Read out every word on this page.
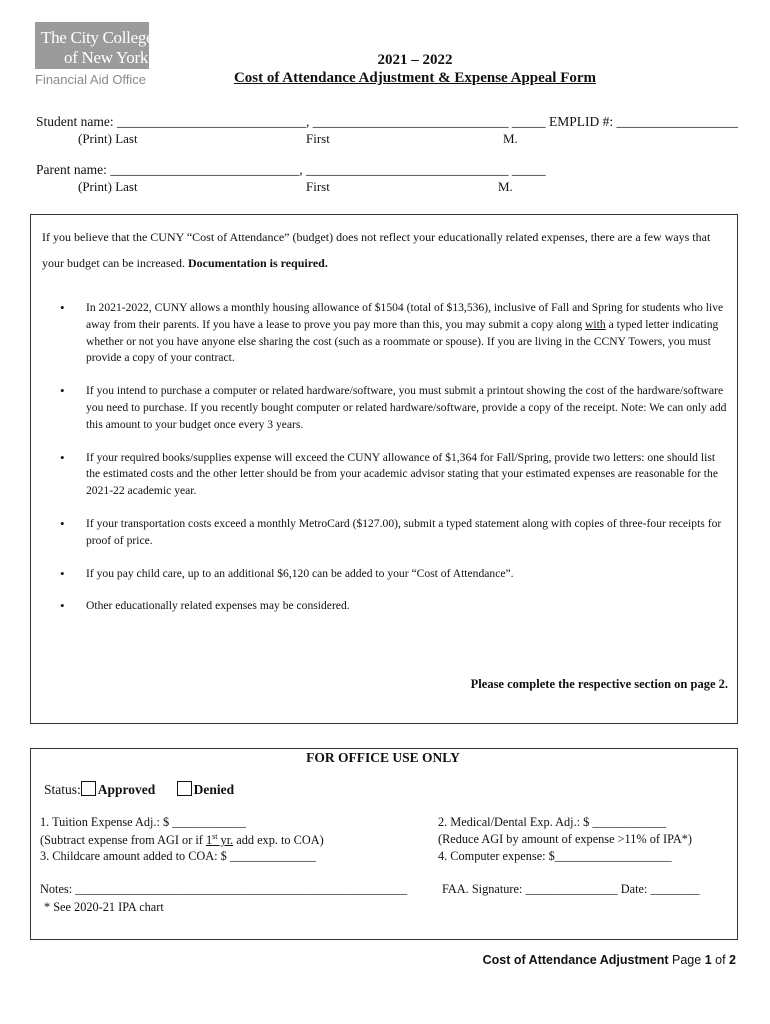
The City College
of New York
Financial Aid Office
2021 – 2022
Cost of Attendance Adjustment & Expense Appeal Form
Student name: ____________________________, _____________________________ _____ EMPLID #: __________________
(Print) Last	First	M.
Parent name: ____________________________, ______________________________ _____
(Print) Last	First	M.
If you believe that the CUNY “Cost of Attendance” (budget) does not reflect your educationally related expenses, there are a few ways that your budget can be increased. Documentation is required.
• In 2021-2022, CUNY allows a monthly housing allowance of $1504 (total of $13,536), inclusive of Fall and Spring for students who live away from their parents. If you have a lease to prove you pay more than this, you may submit a copy along with a typed letter indicating whether or not you have anyone else sharing the cost (such as a roommate or spouse). If you are living in the CCNY Towers, you must provide a copy of your contract.
• If you intend to purchase a computer or related hardware/software, you must submit a printout showing the cost of the hardware/software you need to purchase. If you recently bought computer or related hardware/software, provide a copy of the receipt. Note: We can only add this amount to your budget once every 3 years.
• If your required books/supplies expense will exceed the CUNY allowance of $1,364 for Fall/Spring, provide two letters: one should list the estimated costs and the other letter should be from your academic advisor stating that your estimated expenses are reasonable for the 2021-22 academic year.
• If your transportation costs exceed a monthly MetroCard ($127.00), submit a typed statement along with copies of three-four receipts for proof of price.
• If you pay child care, up to an additional $6,120 can be added to your “Cost of Attendance”.
• Other educationally related expenses may be considered.
Please complete the respective section on page 2.
FOR OFFICE USE ONLY
Status: Approved	Denied
1. Tuition Expense Adj.: $ ____________
(Subtract expense from AGI or if 1st yr. add exp. to COA)
3. Childcare amount added to COA: $ ______________
2. Medical/Dental Exp. Adj.: $ ____________
(Reduce AGI by amount of expense >11% of IPA*)
4. Computer expense: $___________________
Notes: ______________________________________________________	FAA. Signature: _______________ Date: ________
* See 2020-21 IPA chart
Cost of Attendance Adjustment Page 1 of 2
